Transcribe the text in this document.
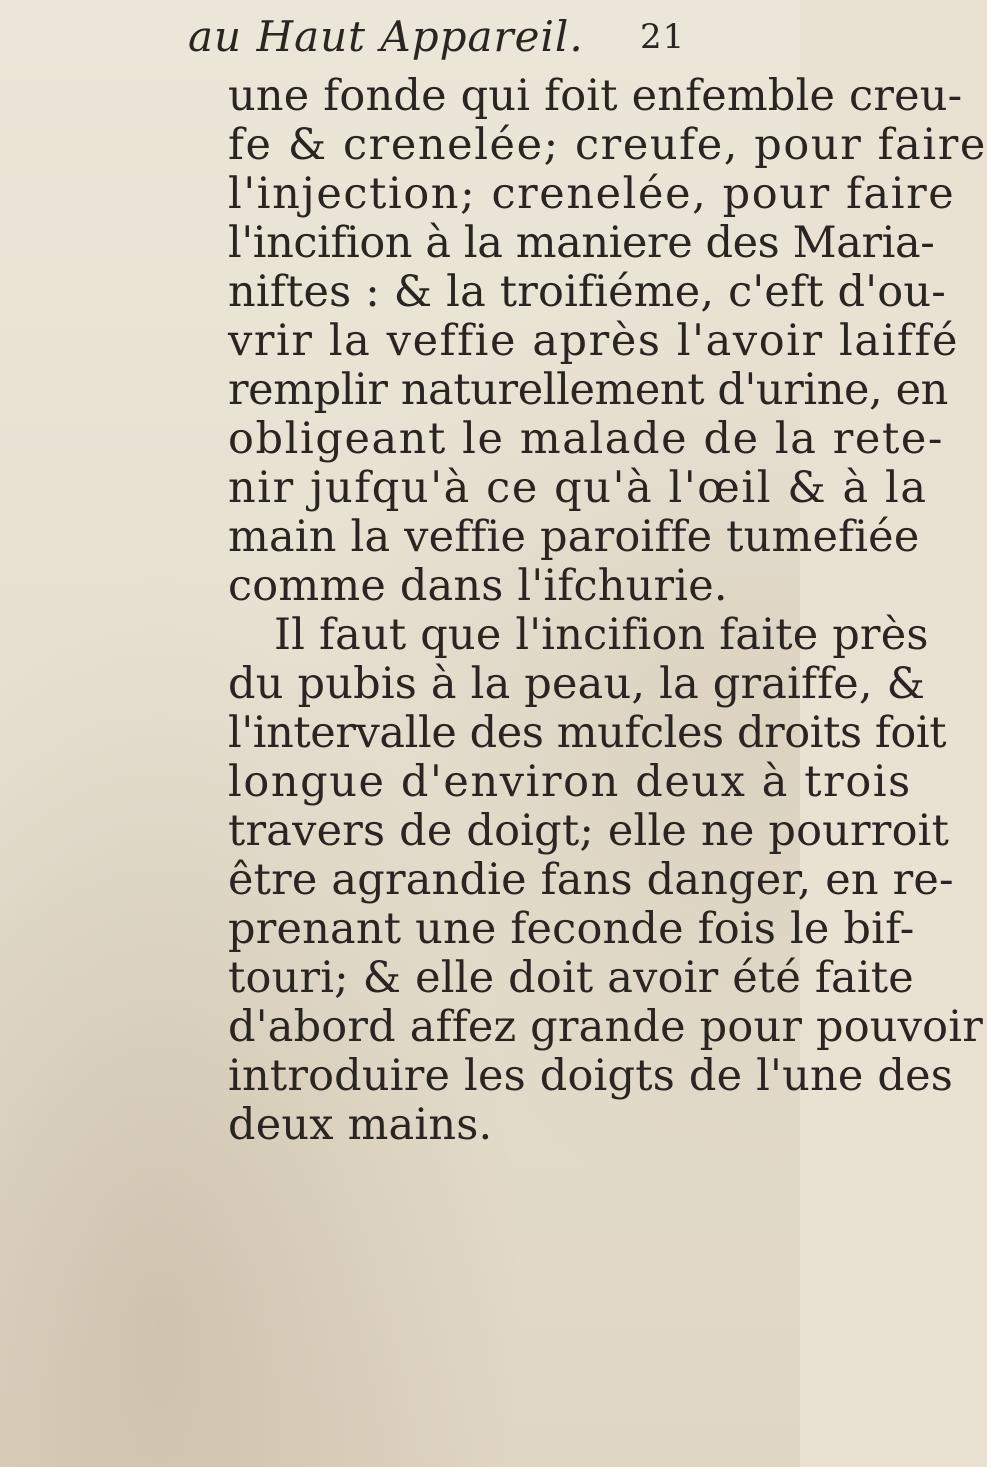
au Haut Appareil. 21
une fonde qui foit enfemble creu-
fe & crenelée; creufe, pour faire
l'injection; crenelée, pour faire
l'incifion à la maniere des Maria-
niftes : & la troifiéme, c'eft d'ou-
vrir la veffie après l'avoir laiffé
remplir naturellement d'urine, en
obligeant le malade de la rete-
nir jufqu'à ce qu'à l'œil & à la
main la veffie paroiffe tumefiée
comme dans l'ifchurie.
Il faut que l'incifion faite près
du pubis à la peau, la graiffe, &
l'intervalle des mufcles droits foit
longue d'environ deux à trois
travers de doigt; elle ne pourroit
être agrandie fans danger, en re-
prenant une feconde fois le bif-
touri; & elle doit avoir été faite
d'abord affez grande pour pouvoir
introduire les doigts de l'une des
deux mains.
